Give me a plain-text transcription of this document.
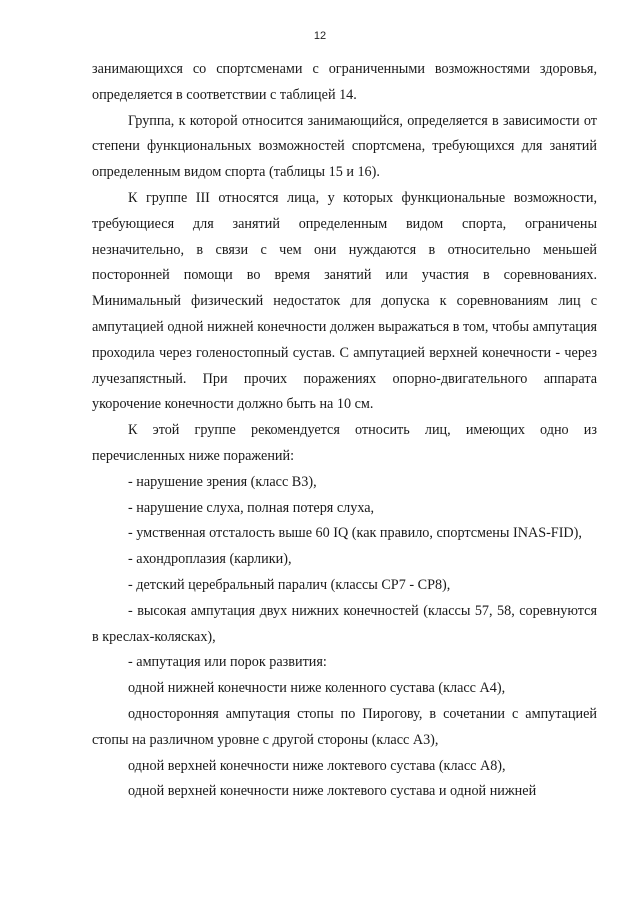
12

занимающихся со спортсменами с ограниченными возможностями здоровья, определяется в соответствии с таблицей 14.

Группа, к которой относится занимающийся, определяется в зависимости от степени функциональных возможностей спортсмена, требующихся для занятий определенным видом спорта (таблицы 15 и 16).

К группе III относятся лица, у которых функциональные возможности, требующиеся для занятий определенным видом спорта, ограничены незначительно, в связи с чем они нуждаются в относительно меньшей посторонней помощи во время занятий или участия в соревнованиях. Минимальный физический недостаток для допуска к соревнованиям лиц с ампутацией одной нижней конечности должен выражаться в том, чтобы ампутация проходила через голеностопный сустав. С ампутацией верхней конечности - через лучезапястный. При прочих поражениях опорно-двигательного аппарата укорочение конечности должно быть на 10 см.

К этой группе рекомендуется относить лиц, имеющих одно из перечисленных ниже поражений:

- нарушение зрения (класс В3),

- нарушение слуха, полная потеря слуха,

- умственная отсталость выше 60 IQ (как правило, спортсмены INAS-FID),

- ахондроплазия (карлики),

- детский церебральный паралич (классы СР7 - СР8),

- высокая ампутация двух нижних конечностей (классы 57, 58, соревнуются в креслах-колясках),

- ампутация или порок развития:

одной нижней конечности ниже коленного сустава (класс А4),

односторонняя ампутация стопы по Пирогову, в сочетании с ампутацией стопы на различном уровне с другой стороны (класс А3),

одной верхней конечности ниже локтевого сустава (класс А8),

одной верхней конечности ниже локтевого сустава и одной нижней
